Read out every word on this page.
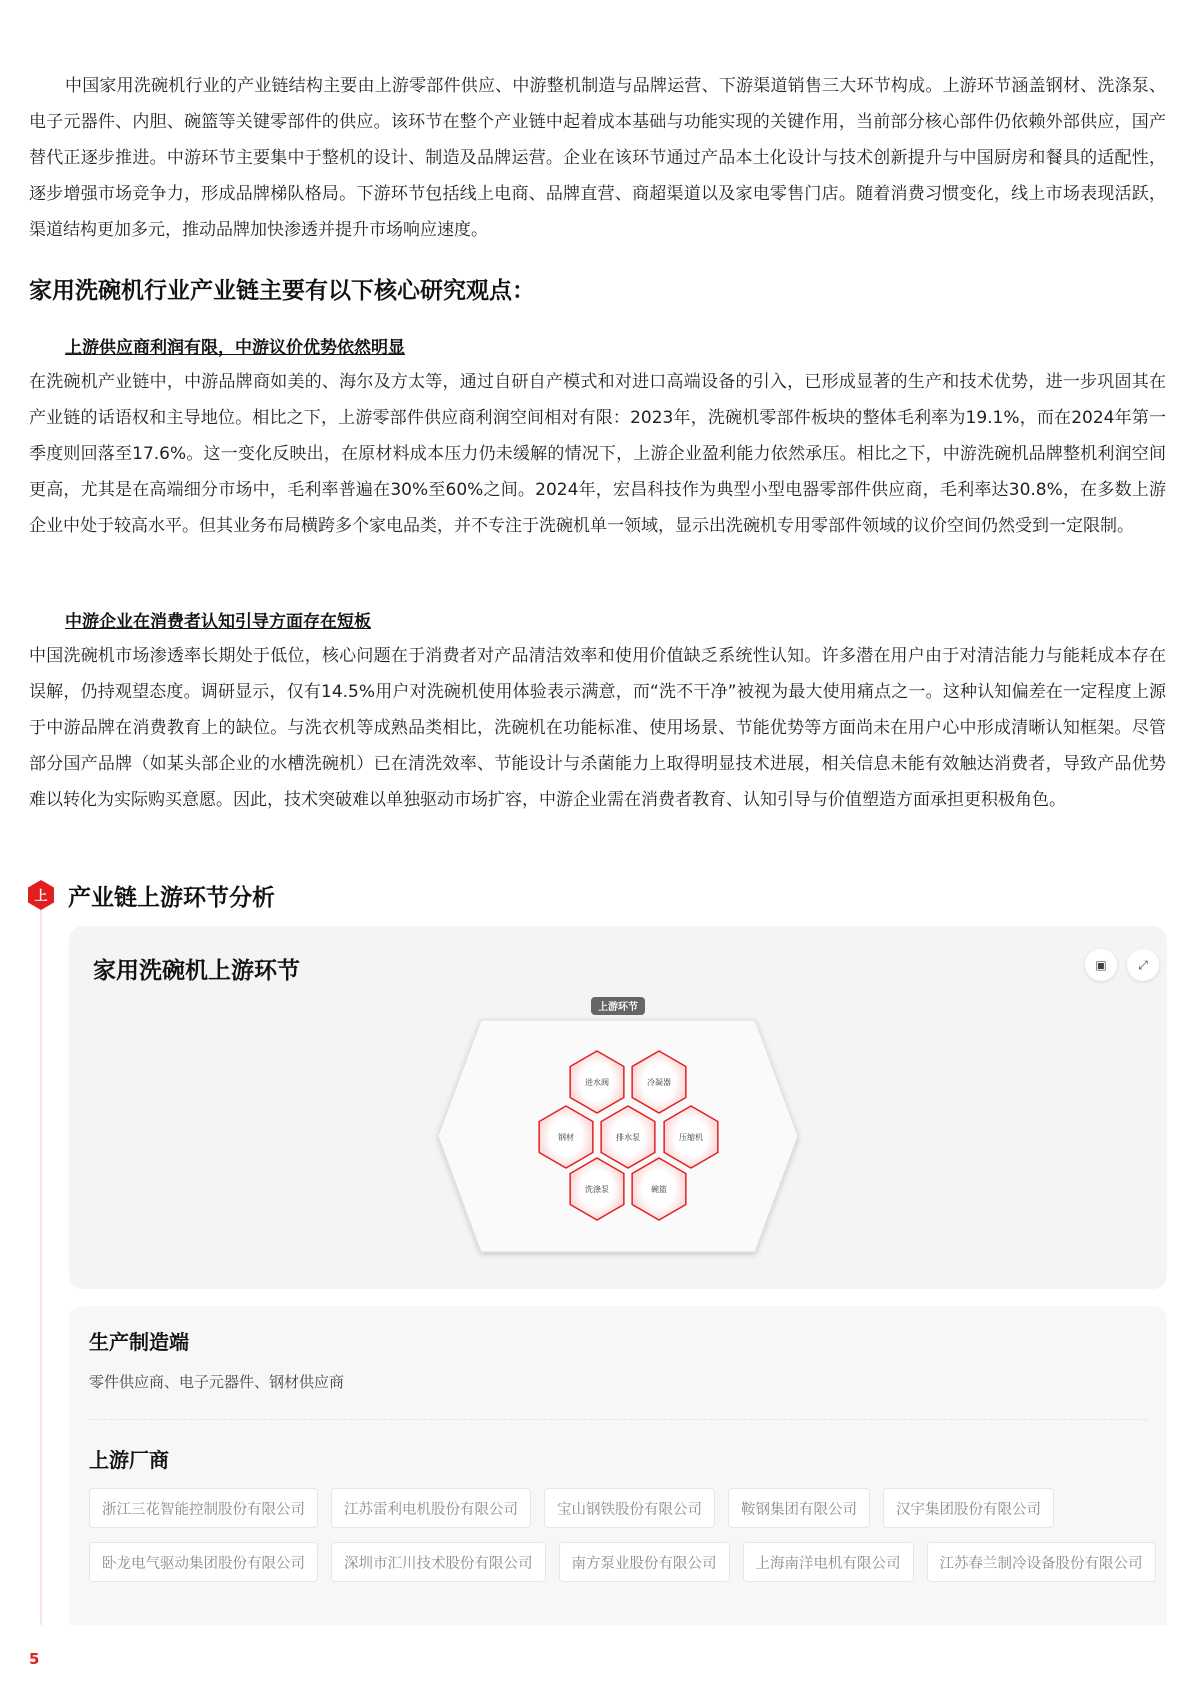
中国家用洗碗机行业的产业链结构主要由上游零部件供应、中游整机制造与品牌运营、下游渠道销售三大环节构成。上游环节涵盖钢材、洗涤泵、电子元器件、内胆、碗篮等关键零部件的供应。该环节在整个产业链中起着成本基础与功能实现的关键作用，当前部分核心部件仍依赖外部供应，国产替代正逐步推进。中游环节主要集中于整机的设计、制造及品牌运营。企业在该环节通过产品本土化设计与技术创新提升与中国厨房和餐具的适配性，逐步增强市场竞争力，形成品牌梯队格局。下游环节包括线上电商、品牌直营、商超渠道以及家电零售门店。随着消费习惯变化，线上市场表现活跃，渠道结构更加多元，推动品牌加快渗透并提升市场响应速度。
家用洗碗机行业产业链主要有以下核心研究观点：
上游供应商利润有限，中游议价优势依然明显
在洗碗机产业链中，中游品牌商如美的、海尔及方太等，通过自研自产模式和对进口高端设备的引入，已形成显著的生产和技术优势，进一步巩固其在产业链的话语权和主导地位。相比之下，上游零部件供应商利润空间相对有限：2023年，洗碗机零部件板块的整体毛利率为19.1%，而在2024年第一季度则回落至17.6%。这一变化反映出，在原材料成本压力仍未缓解的情况下，上游企业盈利能力依然承压。相比之下，中游洗碗机品牌整机利润空间更高，尤其是在高端细分市场中，毛利率普遍在30%至60%之间。2024年，宏昌科技作为典型小型电器零部件供应商，毛利率达30.8%，在多数上游企业中处于较高水平。但其业务布局横跨多个家电品类，并不专注于洗碗机单一领域，显示出洗碗机专用零部件领域的议价空间仍然受到一定限制。
中游企业在消费者认知引导方面存在短板
中国洗碗机市场渗透率长期处于低位，核心问题在于消费者对产品清洁效率和使用价值缺乏系统性认知。许多潜在用户由于对清洁能力与能耗成本存在误解，仍持观望态度。调研显示，仅有14.5%用户对洗碗机使用体验表示满意，而“洗不干净”被视为最大使用痛点之一。这种认知偏差在一定程度上源于中游品牌在消费教育上的缺位。与洗衣机等成熟品类相比，洗碗机在功能标准、使用场景、节能优势等方面尚未在用户心中形成清晰认知框架。尽管部分国产品牌（如某头部企业的水槽洗碗机）已在清洗效率、节能设计与杀菌能力上取得明显技术进展，相关信息未能有效触达消费者，导致产品优势难以转化为实际购买意愿。因此，技术突破难以单独驱动市场扩容，中游企业需在消费者教育、认知引导与价值塑造方面承担更积极角色。
上 产业链上游环节分析
家用洗碗机上游环节	▣	⤢
上游环节
进水阀	冷凝器
钢材	排水泵	压缩机
洗涤泵	碗篮
生产制造端
零件供应商、电子元器件、钢材供应商
上游厂商
浙江三花智能控制股份有限公司	江苏雷利电机股份有限公司	宝山钢铁股份有限公司	鞍钢集团有限公司	汉宇集团股份有限公司
卧龙电气驱动集团股份有限公司	深圳市汇川技术股份有限公司	南方泵业股份有限公司	上海南洋电机有限公司	江苏春兰制冷设备股份有限公司
5
